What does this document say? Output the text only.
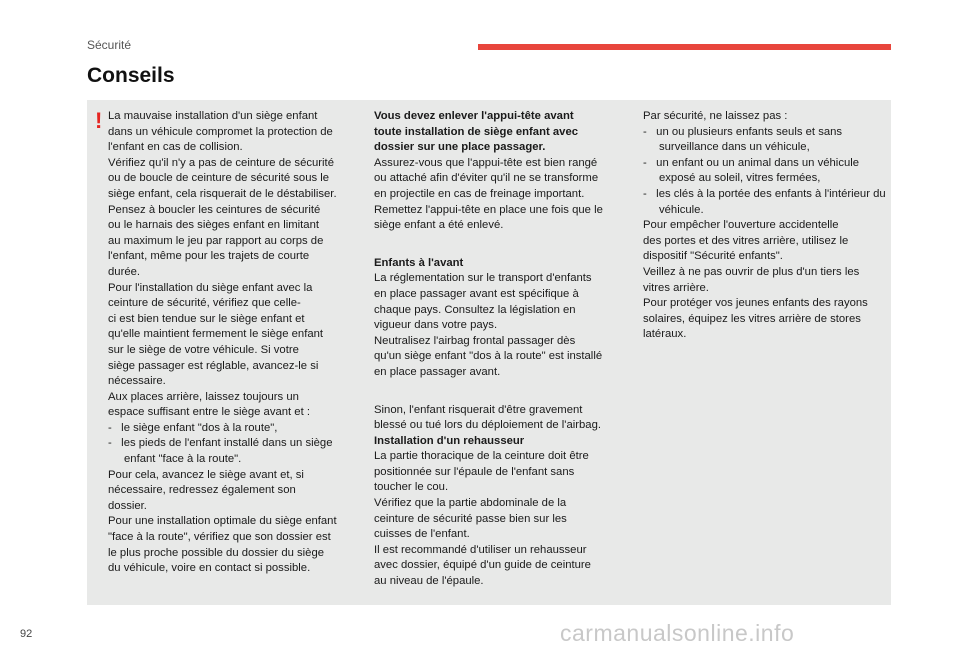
Sécurité
Conseils
! La mauvaise installation d'un siège enfant

dans un véhicule compromet la protection de

l'enfant en cas de collision.

Vérifiez qu'il n'y a pas de ceinture de sécurité

ou de boucle de ceinture de sécurité sous le

siège enfant, cela risquerait de le déstabiliser.

Pensez à boucler les ceintures de sécurité

ou le harnais des sièges enfant en limitant

au maximum le jeu par rapport au corps de

l'enfant, même pour les trajets de courte

durée.

Pour l'installation du siège enfant avec la

ceinture de sécurité, vérifiez que celle-

ci est bien tendue sur le siège enfant et

qu'elle maintient fermement le siège enfant

sur le siège de votre véhicule. Si votre

siège passager est réglable, avancez-le si

nécessaire.

Aux places arrière, laissez toujours un

espace suffisant entre le siège avant et :

-   le siège enfant "dos à la route",

-   les pieds de l'enfant installé dans un siège enfant "face à la route".

Pour cela, avancez le siège avant et, si

nécessaire, redressez également son

dossier.

Pour une installation optimale du siège enfant

"face à la route", vérifiez que son dossier est

le plus proche possible du dossier du siège

du véhicule, voire en contact si possible.

Vous devez enlever l'appui-tête avant

toute installation de siège enfant avec

dossier sur une place passager.

Assurez-vous que l'appui-tête est bien rangé

ou attaché afin d'éviter qu'il ne se transforme

en projectile en cas de freinage important.

Remettez l'appui-tête en place une fois que le

siège enfant a été enlevé.

Enfants à l'avant

La réglementation sur le transport d'enfants

en place passager avant est spécifique à

chaque pays. Consultez la législation en

vigueur dans votre pays.

Neutralisez l'airbag frontal passager dès

qu'un siège enfant "dos à la route" est installé

en place passager avant.

Sinon, l'enfant risquerait d'être gravement

blessé ou tué lors du déploiement de l'airbag.

Installation d'un rehausseur

La partie thoracique de la ceinture doit être

positionnée sur l'épaule de l'enfant sans

toucher le cou.

Vérifiez que la partie abdominale de la

ceinture de sécurité passe bien sur les

cuisses de l'enfant.

Il est recommandé d'utiliser un rehausseur

avec dossier, équipé d'un guide de ceinture

au niveau de l'épaule.

Par sécurité, ne laissez pas :

-   un ou plusieurs enfants seuls et sans surveillance dans un véhicule,

-   un enfant ou un animal dans un véhicule exposé au soleil, vitres fermées,

-   les clés à la portée des enfants à l'intérieur du véhicule.

Pour empêcher l'ouverture accidentelle

des portes et des vitres arrière, utilisez le

dispositif "Sécurité enfants".

Veillez à ne pas ouvrir de plus d'un tiers les

vitres arrière.

Pour protéger vos jeunes enfants des rayons

solaires, équipez les vitres arrière de stores

latéraux.

92	carmanualsonline.info
